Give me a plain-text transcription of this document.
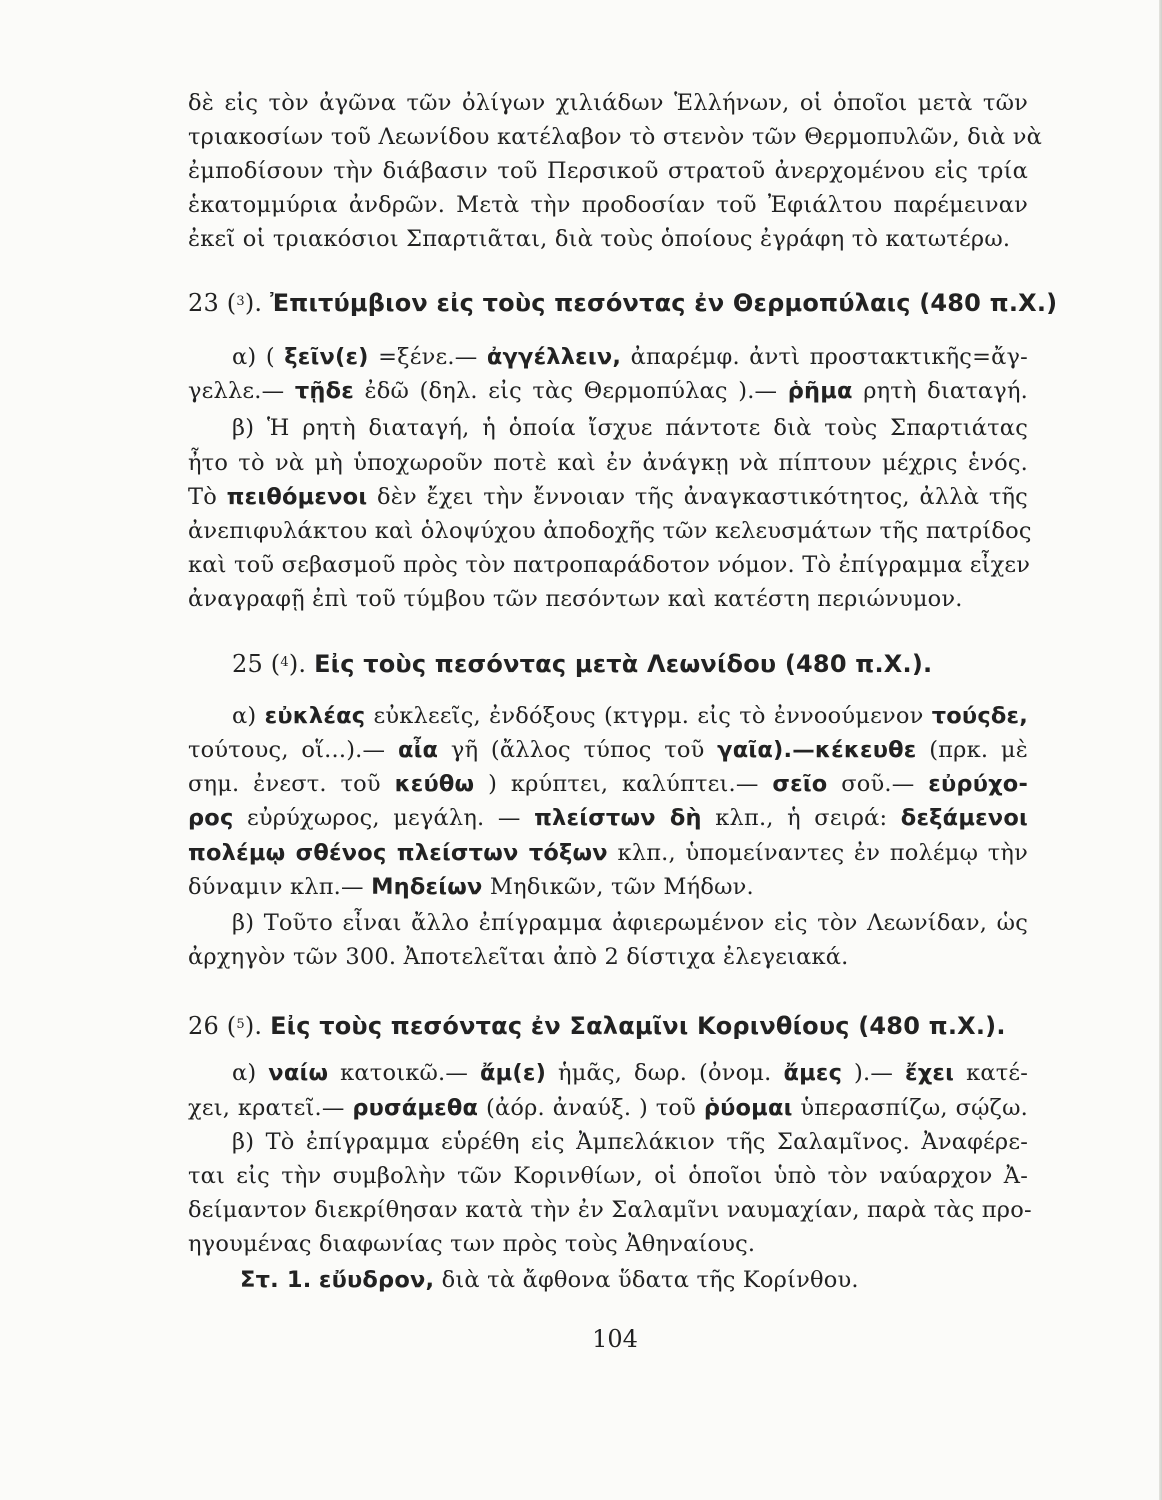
δὲ εἰς τὸν ἀγῶνα τῶν ὀλίγων χιλιάδων Ἑλλήνων, οἱ ὁποῖοι μετὰ τῶν
τριακοσίων τοῦ Λεωνίδου κατέλαβον τὸ στενὸν τῶν Θερμοπυλῶν, διὰ νὰ
ἐμποδίσουν τὴν διάβασιν τοῦ Περσικοῦ στρατοῦ ἀνερχομένου εἰς τρία
ἑκατομμύρια ἀνδρῶν. Μετὰ τὴν προδοσίαν τοῦ Ἐφιάλτου παρέμειναν
ἐκεῖ οἱ τριακόσιοι Σπαρτιᾶται, διὰ τοὺς ὁποίους ἐγράφη τὸ κατωτέρω.
23 ($^3$). Ἐπιτύμβιον εἰς τοὺς πεσόντας ἐν Θερμοπύλαις (480 π.Χ.)
α) ( ξεῖν(ε) =ξένε.— ἀγγέλλειν, ἀπαρέμφ. ἀντὶ προστακτικῆς=ἄγ-
γελλε.— τῇδε ἐδῶ (δηλ. εἰς τὰς Θερμοπύλας ).— ῥῆμα ρητὴ διαταγή.
β) Ἡ ρητὴ διαταγή, ἡ ὁποία ἴσχυε πάντοτε διὰ τοὺς Σπαρτιάτας
ἦτο τὸ νὰ μὴ ὑποχωροῦν ποτὲ καὶ ἐν ἀνάγκῃ νὰ πίπτουν μέχρις ἑνός.
Τὸ πειθόμενοι δὲν ἔχει τὴν ἔννοιαν τῆς ἀναγκαστικότητος, ἀλλὰ τῆς
ἀνεπιφυλάκτου καὶ ὁλοψύχου ἀποδοχῆς τῶν κελευσμάτων τῆς πατρίδος
καὶ τοῦ σεβασμοῦ πρὸς τὸν πατροπαράδοτον νόμον. Τὸ ἐπίγραμμα εἶχεν
ἀναγραφῇ ἐπὶ τοῦ τύμβου τῶν πεσόντων καὶ κατέστη περιώνυμον.
25 ($^4$). Εἰς τοὺς πεσόντας μετὰ Λεωνίδου (480 π.Χ.).
α) εὐκλέας εὐκλεεῖς, ἐνδόξους (κτγρμ. εἰς τὸ ἐννοούμενον τούςδε,
τούτους, οἵ...).— αἶα γῆ (ἄλλος τύπος τοῦ γαῖα).—κέκευθε (πρκ. μὲ
σημ. ἐνεστ. τοῦ κεύθω ) κρύπτει, καλύπτει.— σεῖο σοῦ.— εὐρύχο-
ρος εὐρύχωρος, μεγάλη. — πλείστων δὴ κλπ., ἡ σειρά: δεξάμενοι
πολέμῳ σθένος πλείστων τόξων κλπ., ὑπομείναντες ἐν πολέμῳ τὴν
δύναμιν κλπ.— Μηδείων Μηδικῶν, τῶν Μήδων.
β) Τοῦτο εἶναι ἄλλο ἐπίγραμμα ἀφιερωμένον εἰς τὸν Λεωνίδαν, ὡς
ἀρχηγὸν τῶν 300. Ἀποτελεῖται ἀπὸ 2 δίστιχα ἐλεγειακά.
26 ($^5$). Εἰς τοὺς πεσόντας ἐν Σαλαμῖνι Κορινθίους (480 π.Χ.).
α) ναίω κατοικῶ.— ἄμ(ε) ἡμᾶς, δωρ. (ὀνομ. ἄμες ).— ἔχει κατέ-
χει, κρατεῖ.— ρυσάμεθα (ἀόρ. ἀναύξ. ) τοῦ ῥύομαι ὑπερασπίζω, σῴζω.
β) Τὸ ἐπίγραμμα εὑρέθη εἰς Ἀμπελάκιον τῆς Σαλαμῖνος. Ἀναφέρε-
ται εἰς τὴν συμβολὴν τῶν Κορινθίων, οἱ ὁποῖοι ὑπὸ τὸν ναύαρχον Ἀ-
δείμαντον διεκρίθησαν κατὰ τὴν ἐν Σαλαμῖνι ναυμαχίαν, παρὰ τὰς προ-
ηγουμένας διαφωνίας των πρὸς τοὺς Ἀθηναίους.
Στ. 1. εὔυδρον, διὰ τὰ ἄφθονα ὕδατα τῆς Κορίνθου.
104
